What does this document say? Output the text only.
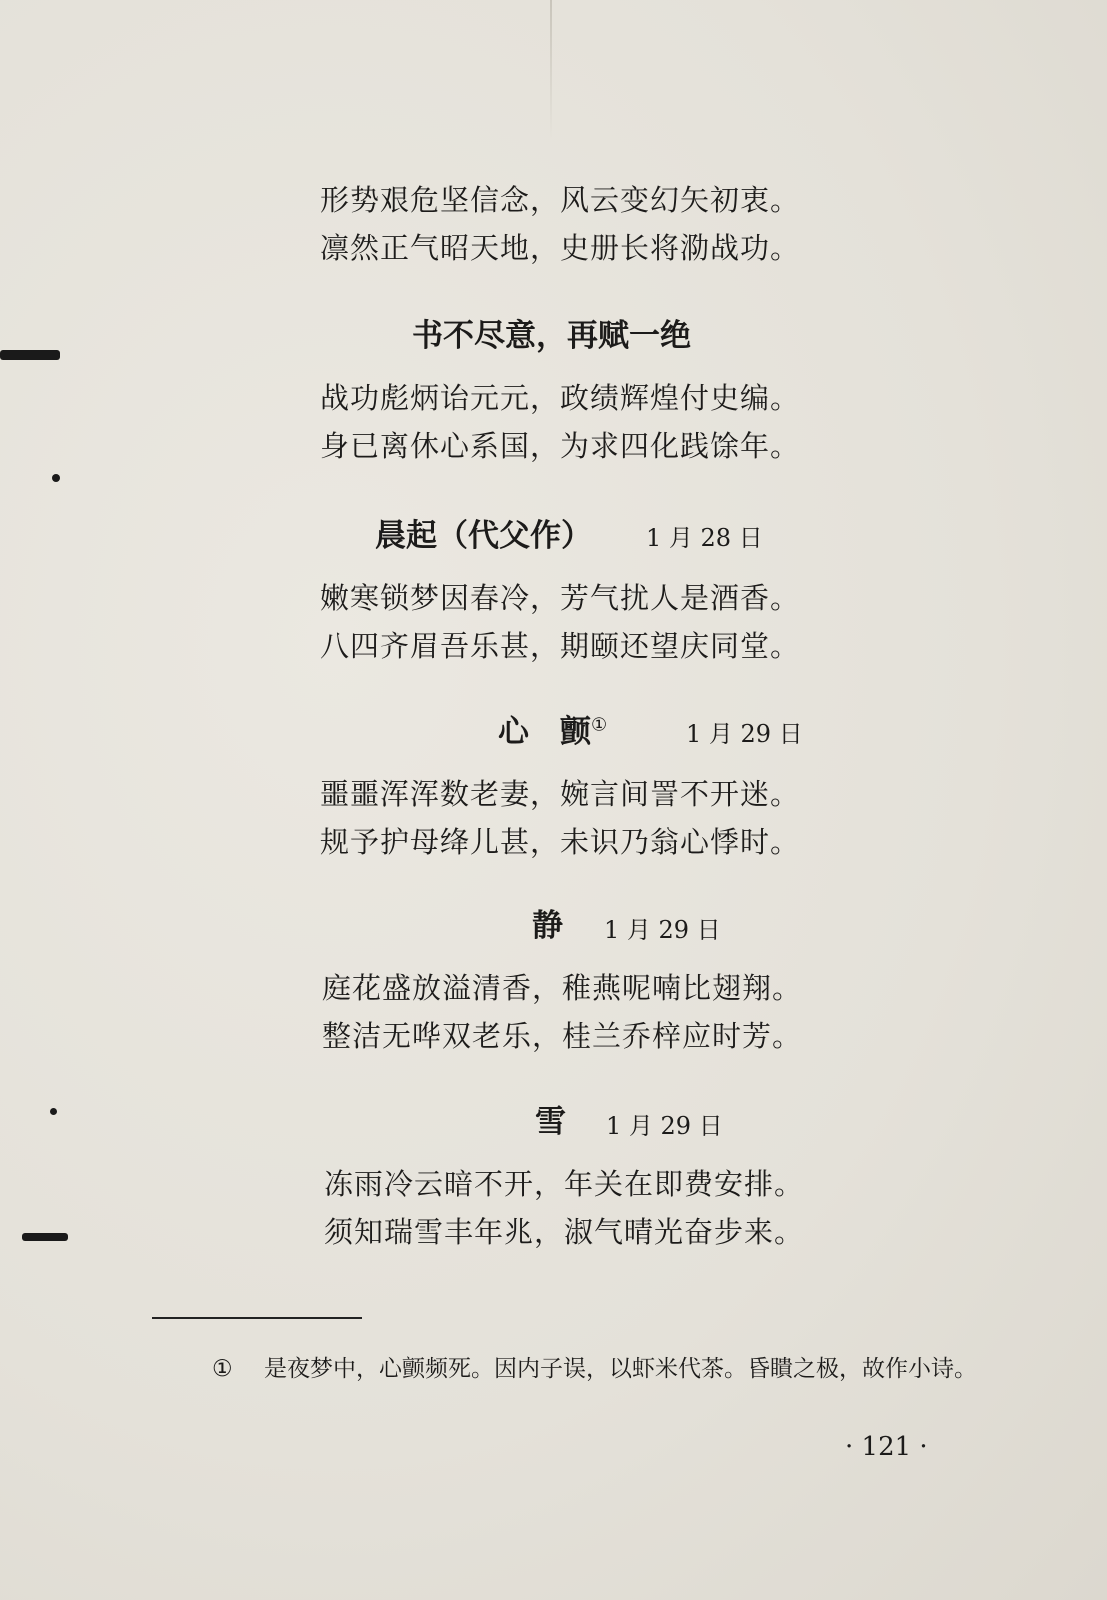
形势艰危坚信念，风云变幻矢初衷。
凛然正气昭天地，史册长将泐战功。
书不尽意，再赋一绝
战功彪炳诒元元，政绩辉煌付史编。
身已离休心系国，为求四化践馀年。
晨起（代父作） 1 月 28 日
嫩寒锁梦因春冷，芳气扰人是酒香。
八四齐眉吾乐甚，期颐还望庆同堂。
心　颤①	1 月 29 日
噩噩浑浑数老妻，婉言间詈不开迷。
规予护母绛儿甚，未识乃翁心悸时。
静 1 月 29 日
庭花盛放溢清香，稚燕呢喃比翅翔。
整洁无哗双老乐，桂兰乔梓应时芳。
雪 1 月 29 日
冻雨冷云暗不开，年关在即费安排。
须知瑞雪丰年兆，淑气晴光奋步来。
① 是夜梦中，心颤频死。因内子误，以虾米代茶。昏瞶之极，故作小诗。
· 121 ·
